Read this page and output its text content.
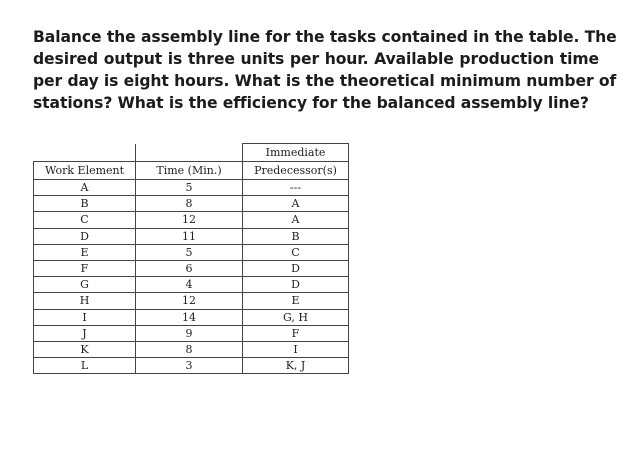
Balance the assembly line for the tasks contained in the table. The
desired output is three units per hour. Available production time
per day is eight hours. What is the theoretical minimum number of
stations? What is the efficiency for the balanced assembly line?
		Immediate
Work Element	Time (Min.)	Predecessor(s)
A	5	---
B	8	A
C	12	A
D	11	B
E	5	C
F	6	D
G	4	D
H	12	E
I	14	G, H
J	9	F
K	8	I
L	3	K, J
